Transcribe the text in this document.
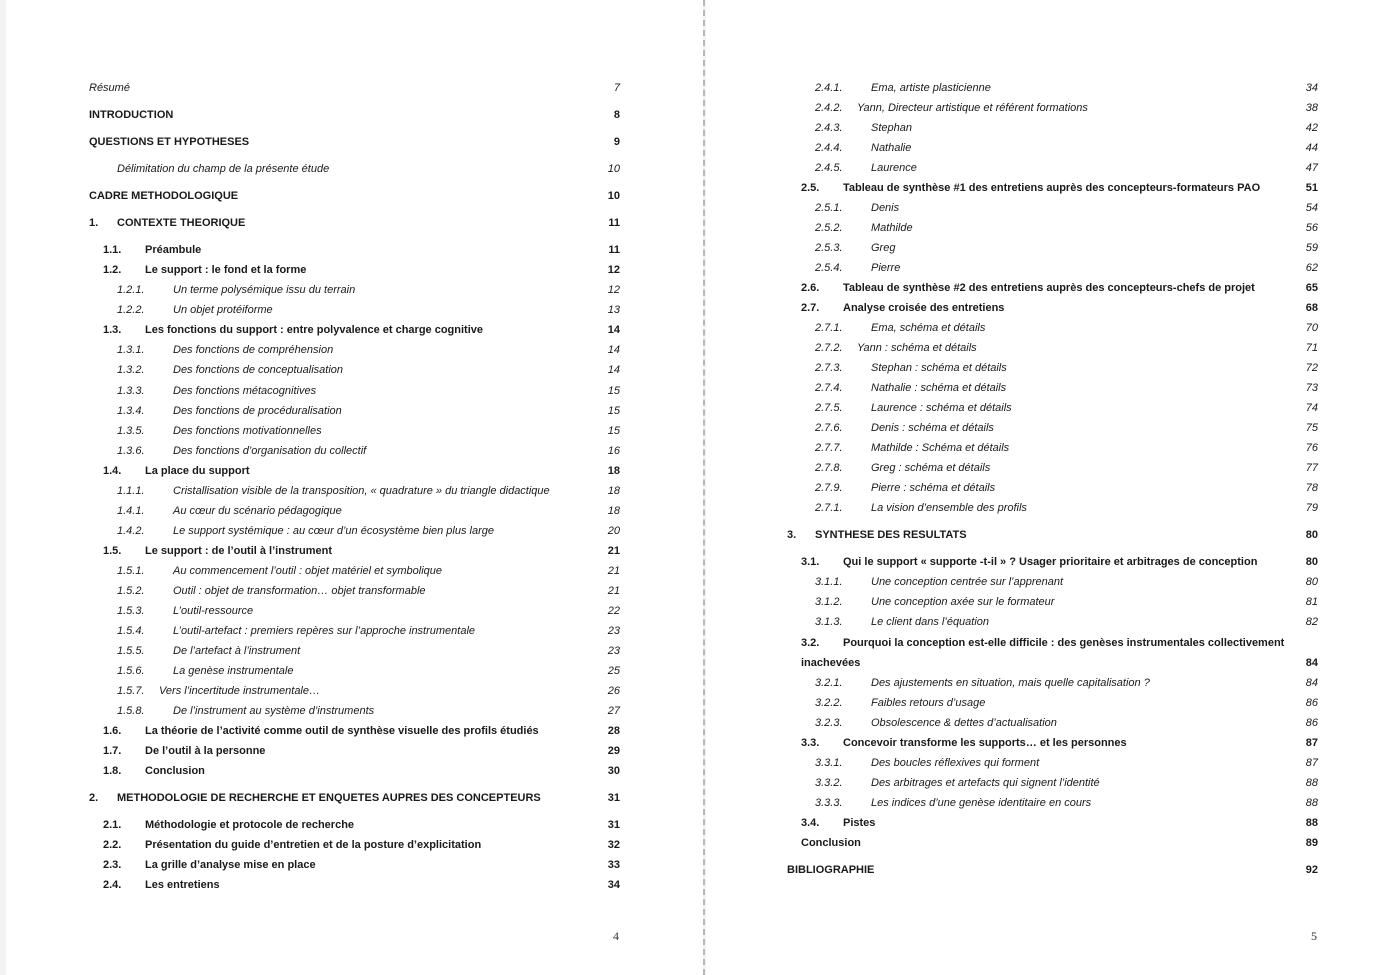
Résumé	7
INTRODUCTION	8
QUESTIONS ET HYPOTHESES	9
Délimitation du champ de la présente étude	10
CADRE METHODOLOGIQUE	10
1. CONTEXTE THEORIQUE	11
1.1. Préambule	11
1.2. Le support : le fond et la forme	12
1.2.1.	Un terme polysémique issu du terrain	12
1.2.2.	Un objet protéiforme	13
1.3. Les fonctions du support : entre polyvalence et charge cognitive	14
1.3.1.	Des fonctions de compréhension	14
1.3.2.	Des fonctions de conceptualisation	14
1.3.3.	Des fonctions métacognitives	15
1.3.4.	Des fonctions de procéduralisation	15
1.3.5.	Des fonctions motivationnelles	15
1.3.6.	Des fonctions d’organisation du collectif	16
1.4. La place du support	18
1.1.1.	Cristallisation visible de la transposition, « quadrature » du triangle didactique	18
1.4.1.	Au cœur du scénario pédagogique	18
1.4.2.	Le support systémique : au cœur d’un écosystème bien plus large	20
1.5. Le support : de l’outil à l’instrument	21
1.5.1.	Au commencement l’outil : objet matériel et symbolique	21
1.5.2.	Outil : objet de transformation… objet transformable	21
1.5.3.	L’outil-ressource	22
1.5.4.	L’outil-artefact : premiers repères sur l’approche instrumentale	23
1.5.5.	De l’artefact à l’instrument	23
1.5.6.	La genèse instrumentale	25
1.5.7. Vers l’incertitude instrumentale…	26
1.5.8.	De l’instrument au système d’instruments	27
1.6. La théorie de l’activité comme outil de synthèse visuelle des profils étudiés	28
1.7. De l’outil à la personne	29
1.8. Conclusion	30
2. METHODOLOGIE DE RECHERCHE ET ENQUETES AUPRES DES CONCEPTEURS	31
2.1. Méthodologie et protocole de recherche	31
2.2. Présentation du guide d’entretien et de la posture d’explicitation	32
2.3. La grille d’analyse mise en place	33
2.4. Les entretiens	34
4
2.4.1.	Ema, artiste plasticienne	34
2.4.2. Yann, Directeur artistique et référent formations	38
2.4.3.	Stephan	42
2.4.4.	Nathalie	44
2.4.5.	Laurence	47
2.5. Tableau de synthèse #1 des entretiens auprès des concepteurs-formateurs PAO	51
2.5.1.	Denis	54
2.5.2.	Mathilde	56
2.5.3.	Greg	59
2.5.4.	Pierre	62
2.6. Tableau de synthèse #2 des entretiens auprès des concepteurs-chefs de projet	65
2.7. Analyse croisée des entretiens	68
2.7.1.	Ema, schéma et détails	70
2.7.2. Yann : schéma et détails	71
2.7.3.	Stephan : schéma et détails	72
2.7.4.	Nathalie : schéma et détails	73
2.7.5.	Laurence : schéma et détails	74
2.7.6.	Denis : schéma et détails	75
2.7.7.	Mathilde : Schéma et détails	76
2.7.8.	Greg : schéma et détails	77
2.7.9.	Pierre : schéma et détails	78
2.7.1.	La vision d’ensemble des profils	79
3. SYNTHESE DES RESULTATS	80
3.1. Qui le support « supporte -t-il » ? Usager prioritaire et arbitrages de conception	80
3.1.1.	Une conception centrée sur l’apprenant	80
3.1.2.	Une conception axée sur le formateur	81
3.1.3.	Le client dans l’équation	82
3.2. Pourquoi la conception est-elle difficile : des genèses instrumentales collectivement
inachevées	84
3.2.1.	Des ajustements en situation, mais quelle capitalisation ?	84
3.2.2.	Faibles retours d’usage	86
3.2.3.	Obsolescence & dettes d’actualisation	86
3.3. Concevoir transforme les supports… et les personnes	87
3.3.1.	Des boucles réflexives qui forment	87
3.3.2.	Des arbitrages et artefacts qui signent l’identité	88
3.3.3.	Les indices d’une genèse identitaire en cours	88
3.4. Pistes	88
Conclusion	89
BIBLIOGRAPHIE	92
5
